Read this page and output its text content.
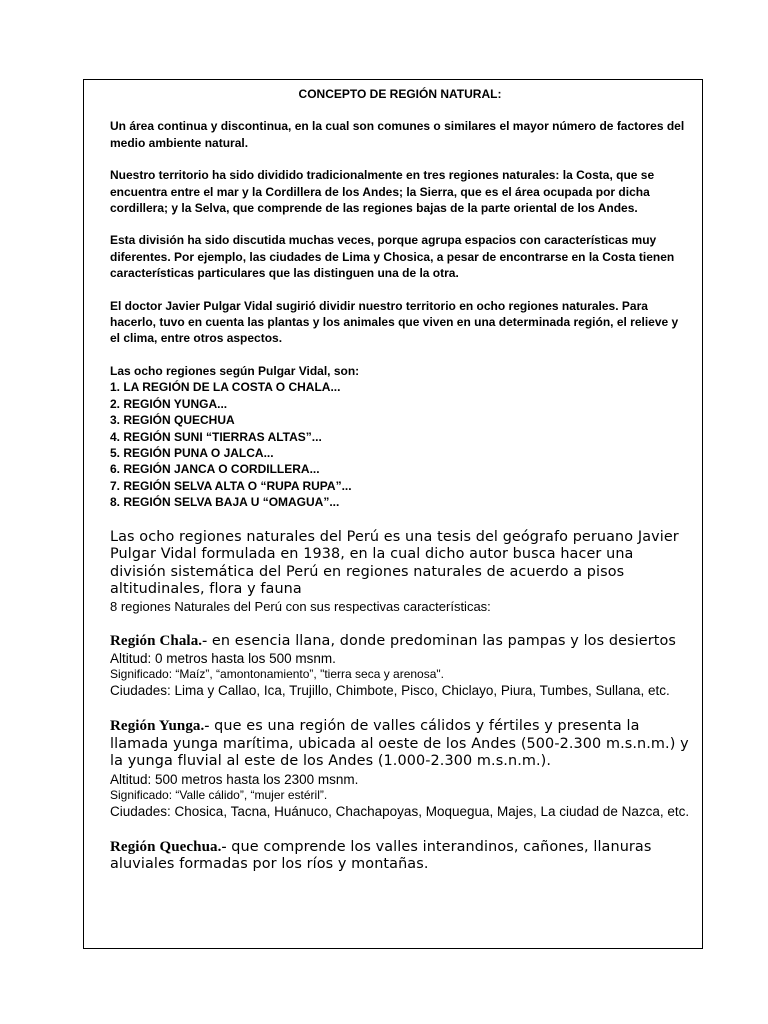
CONCEPTO DE REGIÓN NATURAL:

Un área continua y discontinua, en la cual son comunes o similares el mayor número de factores del medio ambiente natural.

Nuestro territorio ha sido dividido tradicionalmente en tres regiones naturales: la Costa, que se encuentra entre el mar y la Cordillera de los Andes; la Sierra, que es el área ocupada por dicha cordillera; y la Selva, que comprende de las regiones bajas de la parte oriental de los Andes.

Esta división ha sido discutida muchas veces, porque agrupa espacios con características muy diferentes. Por ejemplo, las ciudades de Lima y Chosica, a pesar de encontrarse en la Costa tienen características particulares que las distinguen una de la otra.

El doctor Javier Pulgar Vidal sugirió dividir nuestro territorio en ocho regiones naturales. Para hacerlo, tuvo en cuenta las plantas y los animales que viven en una determinada región, el relieve y el clima, entre otros aspectos.

Las ocho regiones según Pulgar Vidal, son:
1. LA REGIÓN DE LA COSTA O CHALA...
2. REGIÓN YUNGA...
3. REGIÓN QUECHUA
4. REGIÓN SUNI “TIERRAS ALTAS”...
5. REGIÓN PUNA O JALCA...
6. REGIÓN JANCA O CORDILLERA...
7. REGIÓN SELVA ALTA O “RUPA RUPA”...
8. REGIÓN SELVA BAJA U “OMAGUA”...
Las ocho regiones naturales del Perú es una tesis del geógrafo peruano Javier Pulgar Vidal formulada en 1938, en la cual dicho autor busca hacer una división sistemática del Perú en regiones naturales de acuerdo a pisos altitudinales, flora y fauna
8 regiones Naturales del Perú con sus respectivas características:
Región Chala.- en esencia llana, donde predominan las pampas y los desiertos
Altitud: 0 metros hasta los 500 msnm.
Significado: “Maíz”, “amontonamiento”, "tierra seca y arenosa".
Ciudades: Lima y Callao, Ica, Trujillo, Chimbote, Pisco, Chiclayo, Piura, Tumbes, Sullana, etc.
Región Yunga.- que es una región de valles cálidos y fértiles y presenta la llamada yunga marítima, ubicada al oeste de los Andes (500-2.300 m.s.n.m.) y la yunga fluvial al este de los Andes (1.000-2.300 m.s.n.m.).
Altitud: 500 metros hasta los 2300 msnm.
Significado: “Valle cálido”, “mujer estéril”.
Ciudades: Chosica, Tacna, Huánuco, Chachapoyas, Moquegua, Majes, La ciudad de Nazca, etc.
Región Quechua.- que comprende los valles interandinos, cañones, llanuras aluviales formadas por los ríos y montañas.
